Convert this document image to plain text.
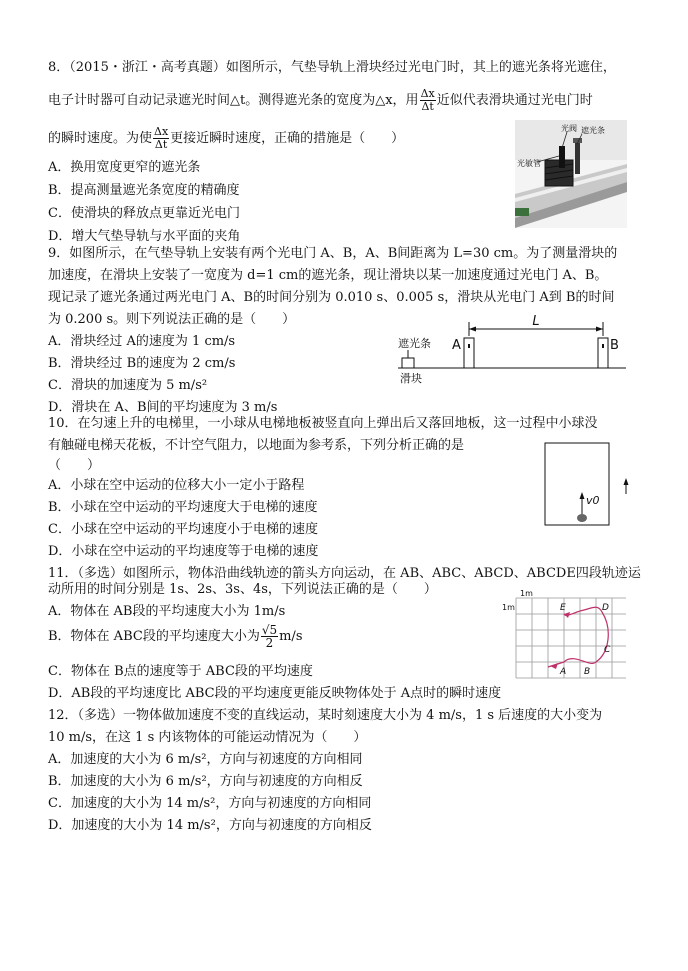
8．（2015・浙江・高考真题）如图所示，气垫导轨上滑块经过光电门时，其上的遮光条将光遮住，
电子计时器可自动记录遮光时间△t。测得遮光条的宽度为△x，用 $\frac{\Delta x}{\Delta t}$ 近似代表滑块通过光电门时
的瞬时速度。为使 $\frac{\Delta x}{\Delta t}$ 更接近瞬时速度，正确的措施是（　　）
A．换用宽度更窄的遮光条
B．提高测量遮光条宽度的精确度
C．使滑块的释放点更靠近光电门
D．增大气垫导轨与水平面的夹角
光阀 遮光条
光敏管
9．如图所示，在气垫导轨上安装有两个光电门 A、B，A、B间距离为 L=30 cm。为了测量滑块的
加速度，在滑块上安装了一宽度为 d=1 cm的遮光条，现让滑块以某一加速度通过光电门 A、B。
现记录了遮光条通过两光电门 A、B的时间分别为 0.010 s、0.005 s，滑块从光电门 A到 B的时间
为 0.200 s。则下列说法正确的是（　　）
A．滑块经过 A的速度为 1 cm/s
B．滑块经过 B的速度为 2 cm/s
C．滑块的加速度为 5 m/s²
D．滑块在 A、B间的平均速度为 3 m/s
L
A	B
遮光条
滑块
10．在匀速上升的电梯里，一小球从电梯地板被竖直向上弹出后又落回地板，这一过程中小球没
有触碰电梯天花板，不计空气阻力，以地面为参考系，下列分析正确的是
（　　）
A．小球在空中运动的位移大小一定小于路程
B．小球在空中运动的平均速度大于电梯的速度
C．小球在空中运动的平均速度小于电梯的速度
D．小球在空中运动的平均速度等于电梯的速度
v0
11．（多选）如图所示，物体沿曲线轨迹的箭头方向运动，在 AB、ABC、ABCD、ABCDE四段轨迹运
动所用的时间分别是 1s、2s、3s、4s，下列说法正确的是（　　）
A．物体在 AB段的平均速度大小为 1m/s
B．物体在 ABC段的平均速度大小为 $\frac{√5}{2} m/s$
C．物体在 B点的速度等于 ABC段的平均速度
D．AB段的平均速度比 ABC段的平均速度更能反映物体处于 A点时的瞬时速度
A B
C
D
E
1m
1m
12．（多选）一物体做加速度不变的直线运动，某时刻速度大小为 4 m/s，1 s 后速度的大小变为
10 m/s，在这 1 s 内该物体的可能运动情况为（　　）
A．加速度的大小为 6 m/s²，方向与初速度的方向相同
B．加速度的大小为 6 m/s²，方向与初速度的方向相反
C．加速度的大小为 14 m/s²，方向与初速度的方向相同
D．加速度的大小为 14 m/s²，方向与初速度的方向相反
